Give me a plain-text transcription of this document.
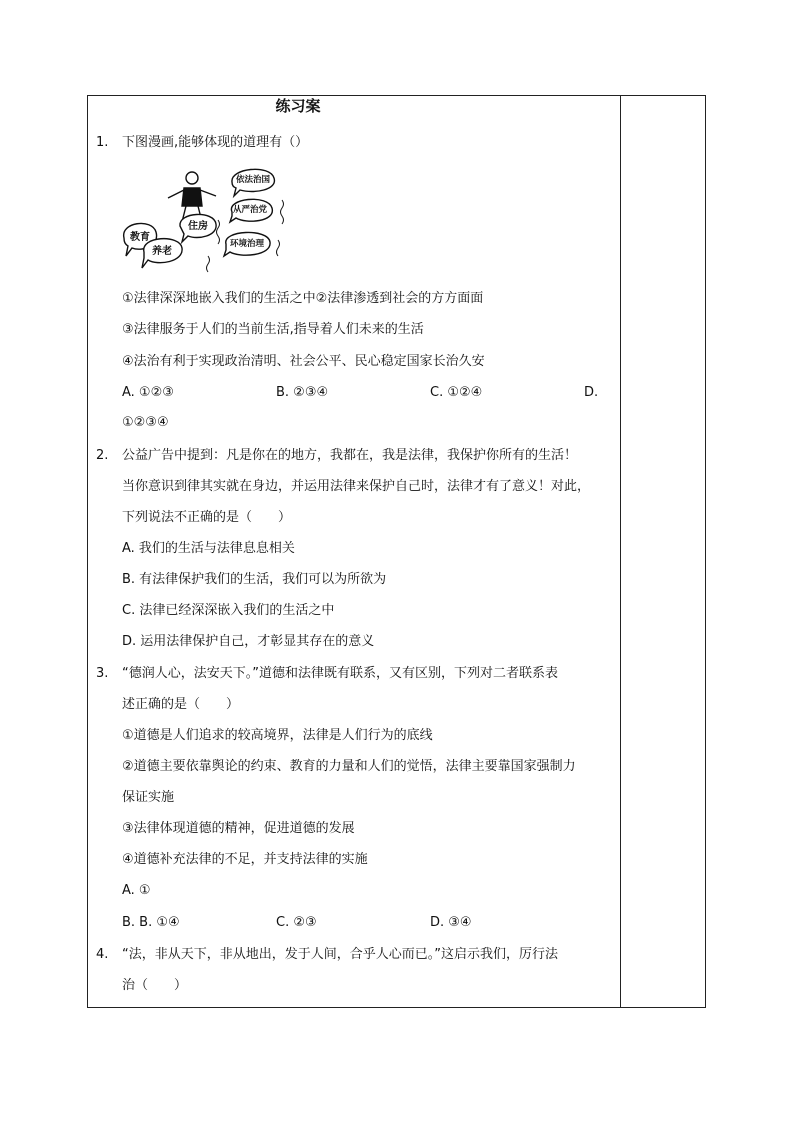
练习案
1. 下图漫画,能够体现的道理有（）
依法治国
从严治党
环境治理
教育
住房
养老
①法律深深地嵌入我们的生活之中②法律渗透到社会的方方面面
③法律服务于人们的当前生活,指导着人们未来的生活
④法治有利于实现政治清明、社会公平、民心稳定国家长治久安
A. ①②③	B. ②③④	C. ①②④	D.
①②③④
2. 公益广告中提到：凡是你在的地方，我都在，我是法律，我保护你所有的生活！
当你意识到律其实就在身边，并运用法律来保护自己时，法律才有了意义！对此，
下列说法不正确的是（　　）
A. 我们的生活与法律息息相关
B. 有法律保护我们的生活，我们可以为所欲为
C. 法律已经深深嵌入我们的生活之中
D. 运用法律保护自己，才彰显其存在的意义
3. “德润人心，法安天下。”道德和法律既有联系，又有区别，下列对二者联系表
述正确的是（　　）
①道德是人们追求的较高境界，法律是人们行为的底线
②道德主要依靠舆论的约束、教育的力量和人们的觉悟，法律主要靠国家强制力
保证实施
③法律体现道德的精神，促进道德的发展
④道德补充法律的不足，并支持法律的实施
A. ①
B. B. ①④	C. ②③	D. ③④
4. “法，非从天下，非从地出，发于人间，合乎人心而已。”这启示我们，厉行法
治（　　）
